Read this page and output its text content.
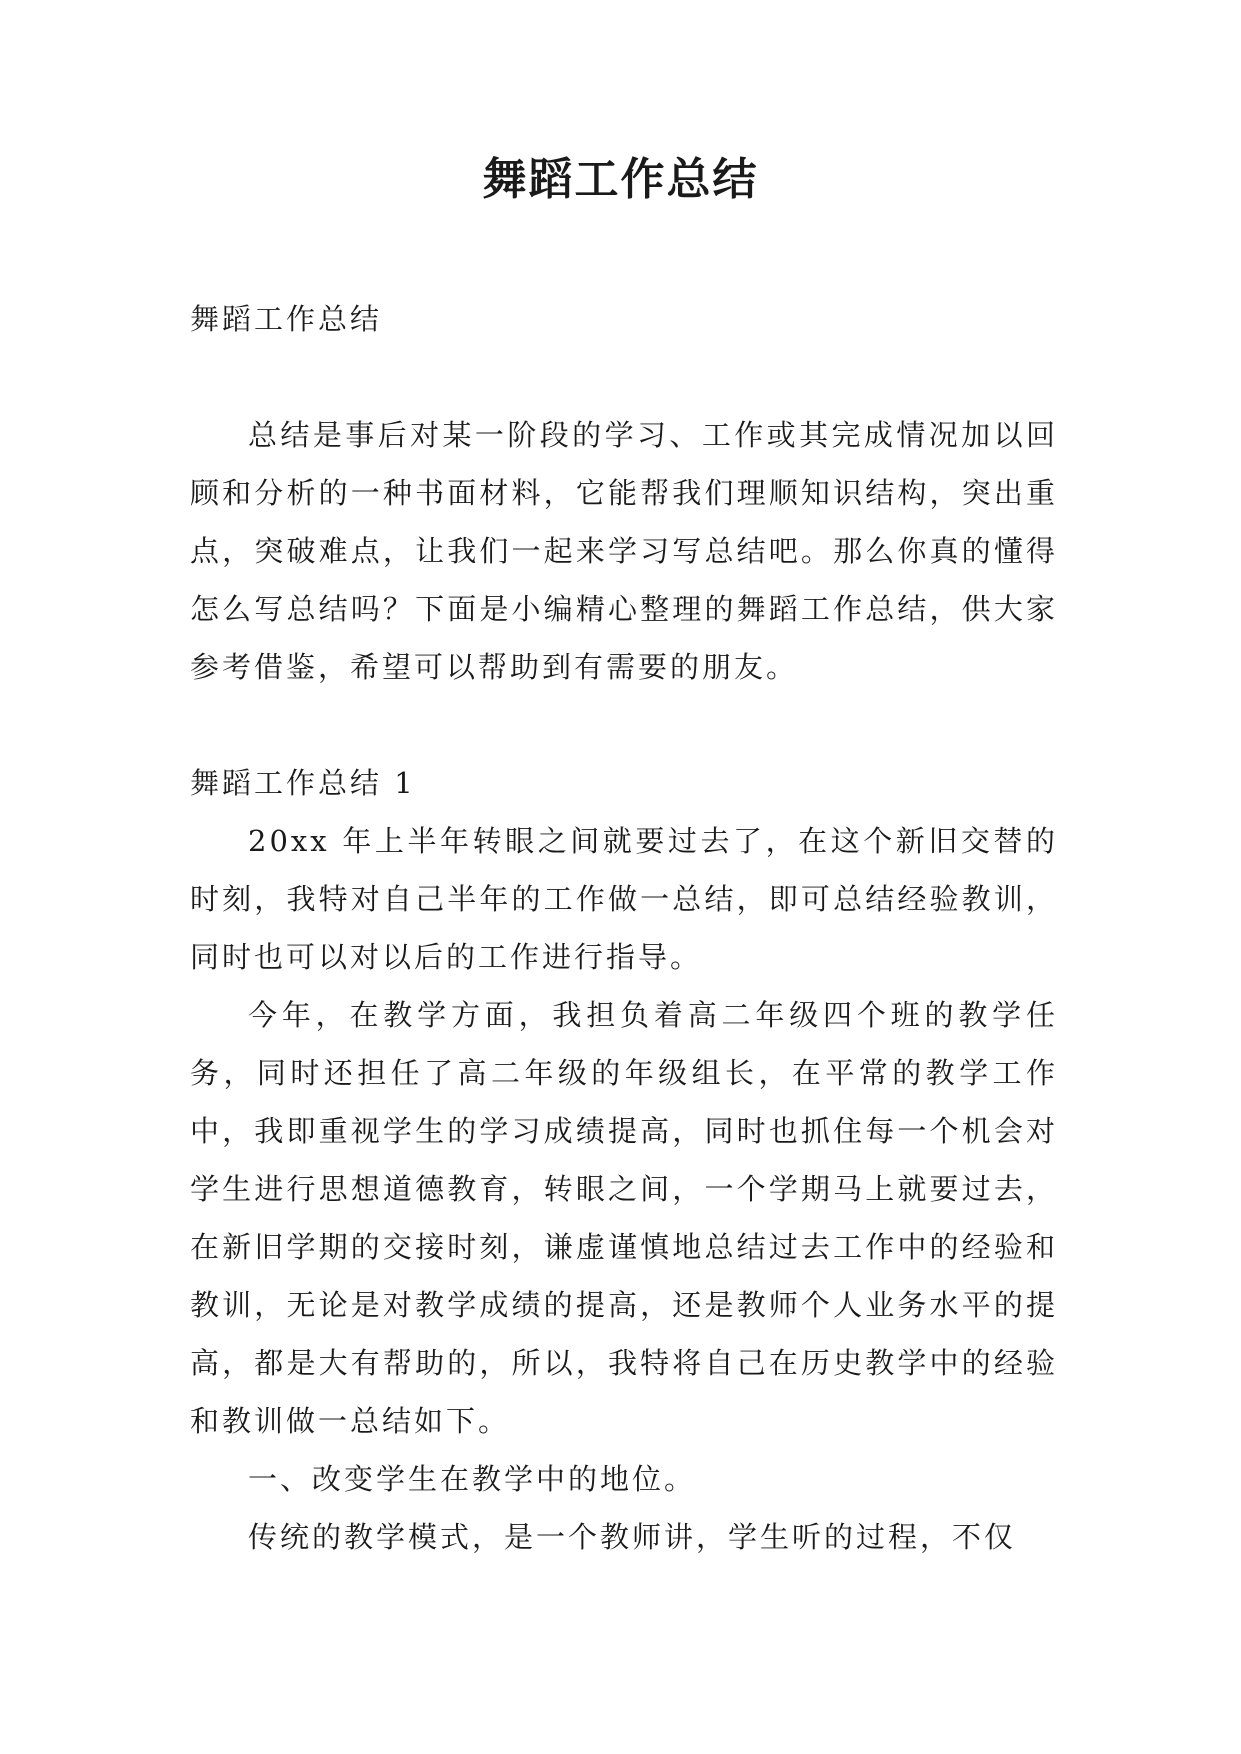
舞蹈工作总结

舞蹈工作总结

总结是事后对某一阶段的学习、工作或其完成情况加以回顾和分析的一种书面材料，它能帮我们理顺知识结构，突出重点，突破难点，让我们一起来学习写总结吧。那么你真的懂得怎么写总结吗？下面是小编精心整理的舞蹈工作总结，供大家参考借鉴，希望可以帮助到有需要的朋友。

舞蹈工作总结 1

20xx 年上半年转眼之间就要过去了，在这个新旧交替的时刻，我特对自己半年的工作做一总结，即可总结经验教训，同时也可以对以后的工作进行指导。

今年，在教学方面，我担负着高二年级四个班的教学任务，同时还担任了高二年级的年级组长，在平常的教学工作中，我即重视学生的学习成绩提高，同时也抓住每一个机会对学生进行思想道德教育，转眼之间，一个学期马上就要过去，在新旧学期的交接时刻，谦虚谨慎地总结过去工作中的经验和教训，无论是对教学成绩的提高，还是教师个人业务水平的提高，都是大有帮助的，所以，我特将自己在历史教学中的经验和教训做一总结如下。

一、改变学生在教学中的地位。

传统的教学模式，是一个教师讲，学生听的过程，不仅
